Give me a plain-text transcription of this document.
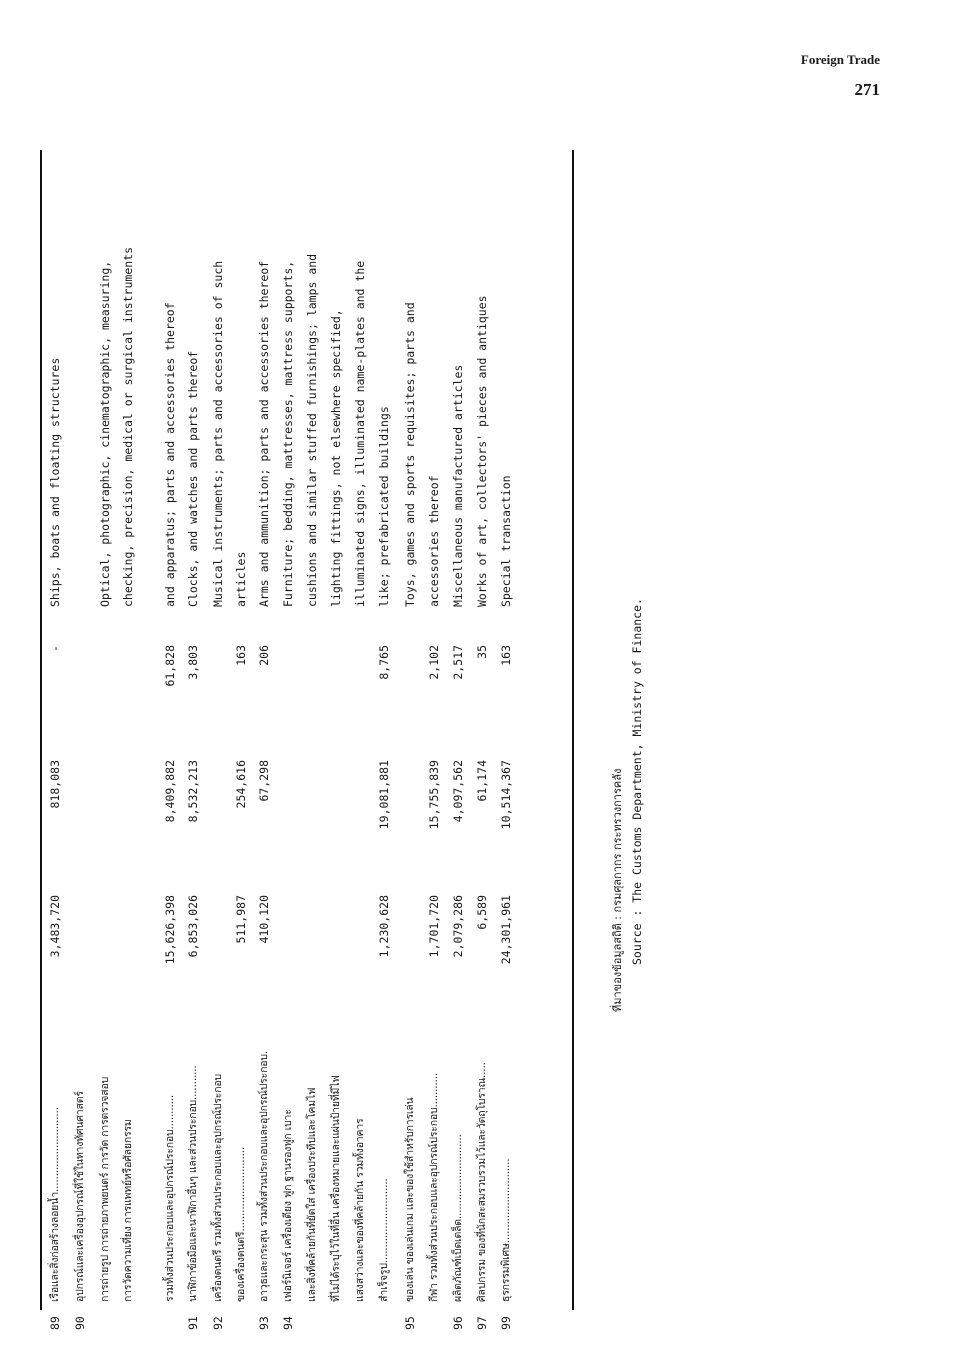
Foreign Trade
271
89
เรือและสิ่งก่อสร้างลอยน้ำ...........................
3,483,720
818,083
-
Ships, boats and floating structures
90
อุปกรณ์และเครื่องอุปกรณ์ที่ใช้ในทางทัศนศาสตร์	การถ่ายรูป การถ่ายภาพยนตร์ การวัด การตรวจสอบ
Optical, photographic, cinematographic, measuring,
การวัดความเที่ยง การแพทย์หรือศัลยกรรม
checking, precision, medical or surgical instruments
รวมทั้งส่วนประกอบและอุปกรณ์ประกอบ...........
15,626,398
8,409,882
61,828
and apparatus; parts and accessories thereof
91
นาฬิกาข้อมือและนาฬิกาอื่นๆ และส่วนประกอบ...........
6,853,026
8,532,213
3,803
Clocks, and watches and parts thereof
92
เครื่องดนตรี รวมทั้งส่วนประกอบและอุปกรณ์ประกอบ
Musical instruments; parts and accessories of such
ของเครื่องดนตรี...........................
511,987
254,616
163
articles
93
อาวุธและกระสุน รวมทั้งส่วนประกอบและอุปกรณ์ประกอบ.
410,120
67,298
206
Arms and ammunition; parts and accessories thereof
94
เฟอร์นิเจอร์ เครื่องเตียง ฟูก ฐานรองฟูก เบาะ
Furniture; bedding, mattresses, mattress supports,
และสิ่งที่คล้ายกันที่ยัดใส่ เครื่องประทีปและโคมไฟ
cushions and similar stuffed furnishings; lamps and
ที่ไม่ได้ระบุไว้ในที่อื่น เครื่องหมายและแผ่นป้ายที่มีไฟ
lighting fittings, not elsewhere specified,
แสงสว่างและของที่คล้ายกัน รวมทั้งอาคาร
illuminated signs, illuminated name-plates and the
สำเร็จรูป...........................
1,230,628
19,081,881
8,765
like; prefabricated buildings
95
ของเล่น ของเล่นเกม และของใช้สำหรับการเล่น
Toys, games and sports requisites; parts and
กีฬา รวมทั้งส่วนประกอบและอุปกรณ์ประกอบ...........
1,701,720
15,755,839
2,102
accessories thereof
96
ผลิตภัณฑ์เบ็ดเตล็ด...........................
2,079,286
4,097,562
2,517
Miscellaneous manufactured articles
97
ศิลปกรรม ของที่นักสะสมรวบรวมไว้และวัตถุโบราณ.....
6,589
61,174
35
Works of art, collectors' pieces and antiques
99
ธุรกรรมพิเศษ...........................
24,301,961
10,514,367
163
Special transaction
ที่มาของข้อมูลสถิติ : กรมศุลกากร กระทรวงการคลัง Source : The Customs Department, Ministry of Finance.
